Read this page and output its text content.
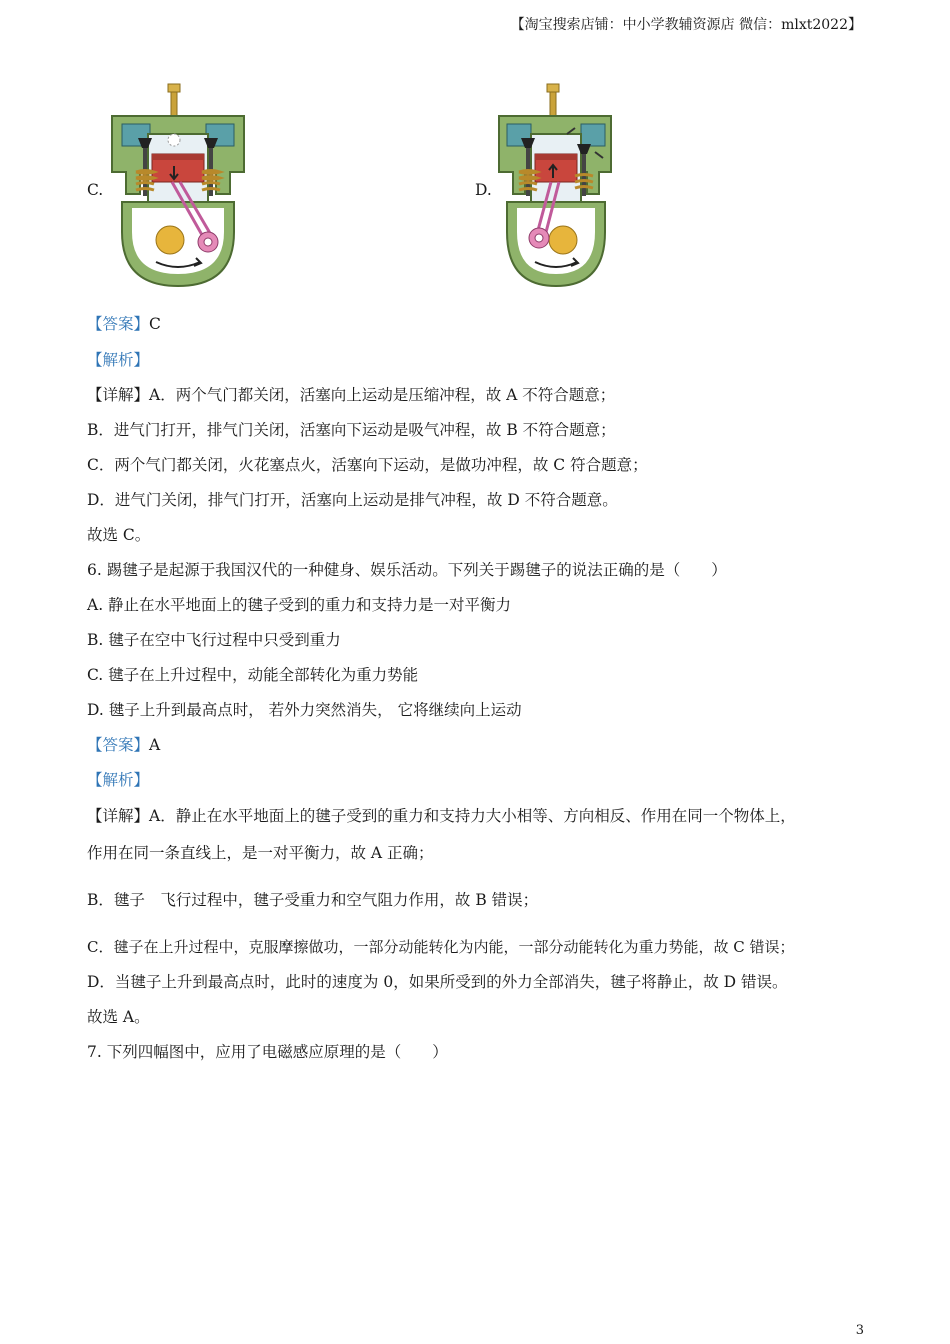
【淘宝搜索店铺：中小学教辅资源店 微信：mlxt2022】
C.	D.
【答案】C
【解析】
【详解】A．两个气门都关闭，活塞向上运动是压缩冲程，故 A 不符合题意；
B．进气门打开，排气门关闭，活塞向下运动是吸气冲程，故 B 不符合题意；
C．两个气门都关闭，火花塞点火，活塞向下运动，是做功冲程，故 C 符合题意；
D．进气门关闭，排气门打开，活塞向上运动是排气冲程，故 D 不符合题意。
故选 C。
6. 踢毽子是起源于我国汉代的一种健身、娱乐活动。下列关于踢毽子的说法正确的是（　　）
A. 静止在水平地面上的毽子受到的重力和支持力是一对平衡力
B. 毽子在空中飞行过程中只受到重力
C. 毽子在上升过程中，动能全部转化为重力势能
D. 毽子上升到最高点时， 若外力突然消失， 它将继续向上运动
【答案】A
【解析】
【详解】A．静止在水平地面上的毽子受到的重力和支持力大小相等、方向相反、作用在同一个物体上，
作用在同一条直线上，是一对平衡力，故 A 正确；
B．毽子　飞行过程中，毽子受重力和空气阻力作用，故 B 错误；
C．毽子在上升过程中，克服摩擦做功，一部分动能转化为内能，一部分动能转化为重力势能，故 C 错误；
D．当毽子上升到最高点时，此时的速度为 0，如果所受到的外力全部消失，毽子将静止，故 D 错误。
故选 A。
7. 下列四幅图中，应用了电磁感应原理的是（　　）
3
